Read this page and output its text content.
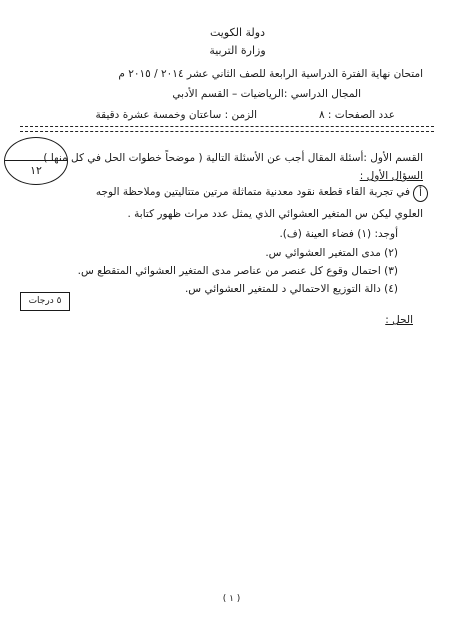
دولة الكويت
وزارة التربية
امتحان نهاية الفترة الدراسية الرابعة للصف الثاني عشر ٢٠١٤ / ٢٠١٥ م
المجال الدراسي :الرياضيات – القسم الأدبي
عدد الصفحات : ٨
الزمن : ساعتان وخمسة عشرة دقيقة
١٢
القسم الأول :أسئلة المقال أجب عن الأسئلة التالية ( موضحاً خطوات الحل في كل منها )
السؤال الأول :
أ
في تجربة القاء قطعة نقود معدنية متماثلة مرتين متتاليتين وملاحظة الوجه
العلوي ليكن س المتغير العشوائي الذي يمثل عدد مرات ظهور كتابة .
أوجد: (١) فضاء العينة (ف).
(٢) مدى المتغير العشوائي س.
(٣) احتمال وقوع كل عنصر من عناصر مدى المتغير العشوائي المتقطع س.
(٤) دالة التوزيع الاحتمالي د للمتغير العشوائي س.
٥ درجات
الحل :
( ١ )
